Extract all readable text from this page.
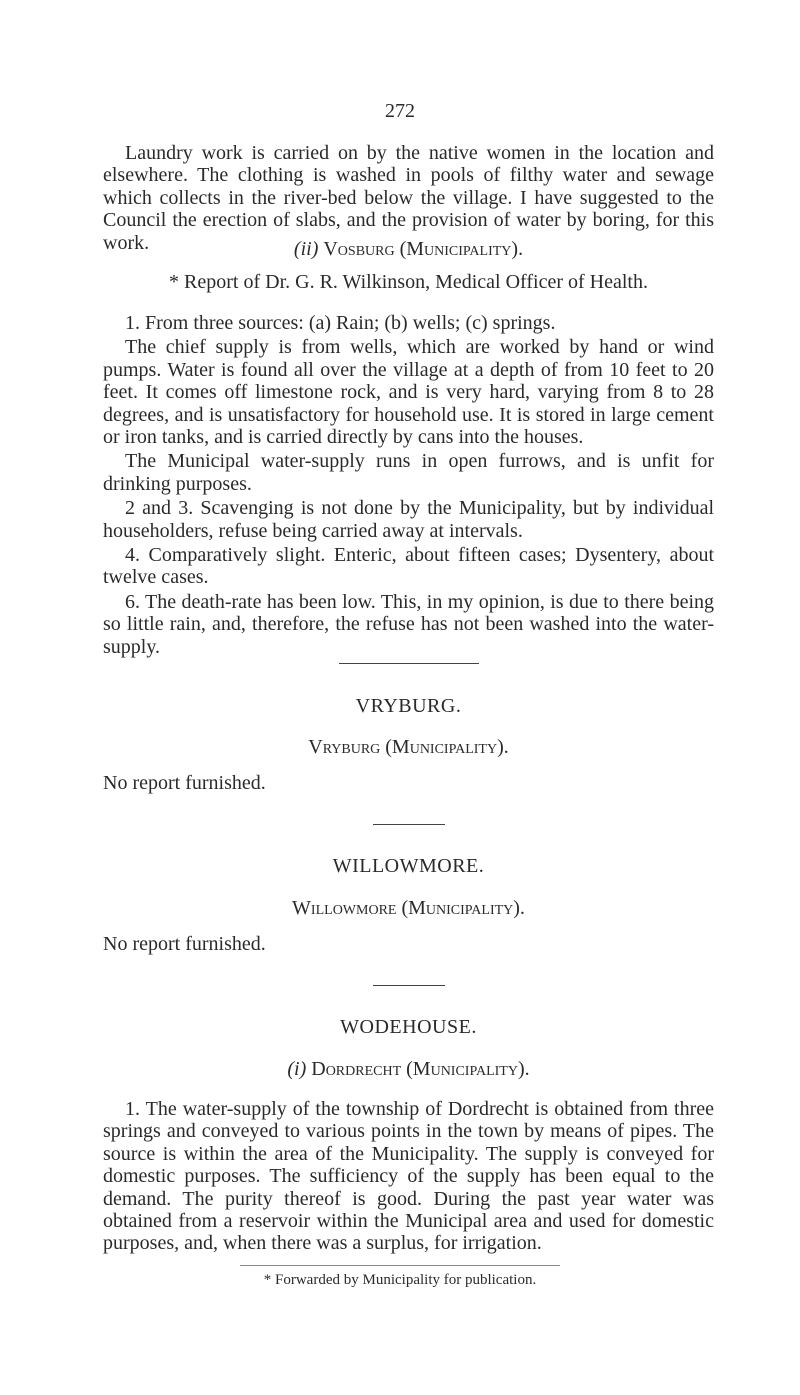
272

Laundry work is carried on by the native women in the location and elsewhere. The clothing is washed in pools of filthy water and sewage which collects in the river-bed below the village. I have suggested to the Council the erection of slabs, and the provision of water by boring, for this work.	(ii) Vosburg (Municipality).
* Report of Dr. G. R. Wilkinson, Medical Officer of Health.

1. From three sources: (a) Rain; (b) wells; (c) springs.

The chief supply is from wells, which are worked by hand or wind pumps. Water is found all over the village at a depth of from 10 feet to 20 feet. It comes off limestone rock, and is very hard, varying from 8 to 28 degrees, and is unsatisfactory for household use. It is stored in large cement or iron tanks, and is carried directly by cans into the houses.

The Municipal water-supply runs in open furrows, and is unfit for drinking purposes.

2 and 3. Scavenging is not done by the Municipality, but by individual householders, refuse being carried away at intervals.

4. Comparatively slight. Enteric, about fifteen cases; Dysentery, about twelve cases.

6. The death-rate has been low. This, in my opinion, is due to there being so little rain, and, therefore, the refuse has not been washed into the water-supply.

VRYBURG.
Vryburg (Municipality).

No report furnished.

WILLOWMORE.
Willowmore (Municipality).

No report furnished.

WODEHOUSE.
(i) Dordrecht (Municipality).

1. The water-supply of the township of Dordrecht is obtained from three springs and conveyed to various points in the town by means of pipes. The source is within the area of the Municipality. The supply is conveyed for domestic purposes. The sufficiency of the supply has been equal to the demand. The purity thereof is good. During the past year water was obtained from a reservoir within the Municipal area and used for domestic purposes, and, when there was a surplus, for irrigation.

* Forwarded by Municipality for publication.
